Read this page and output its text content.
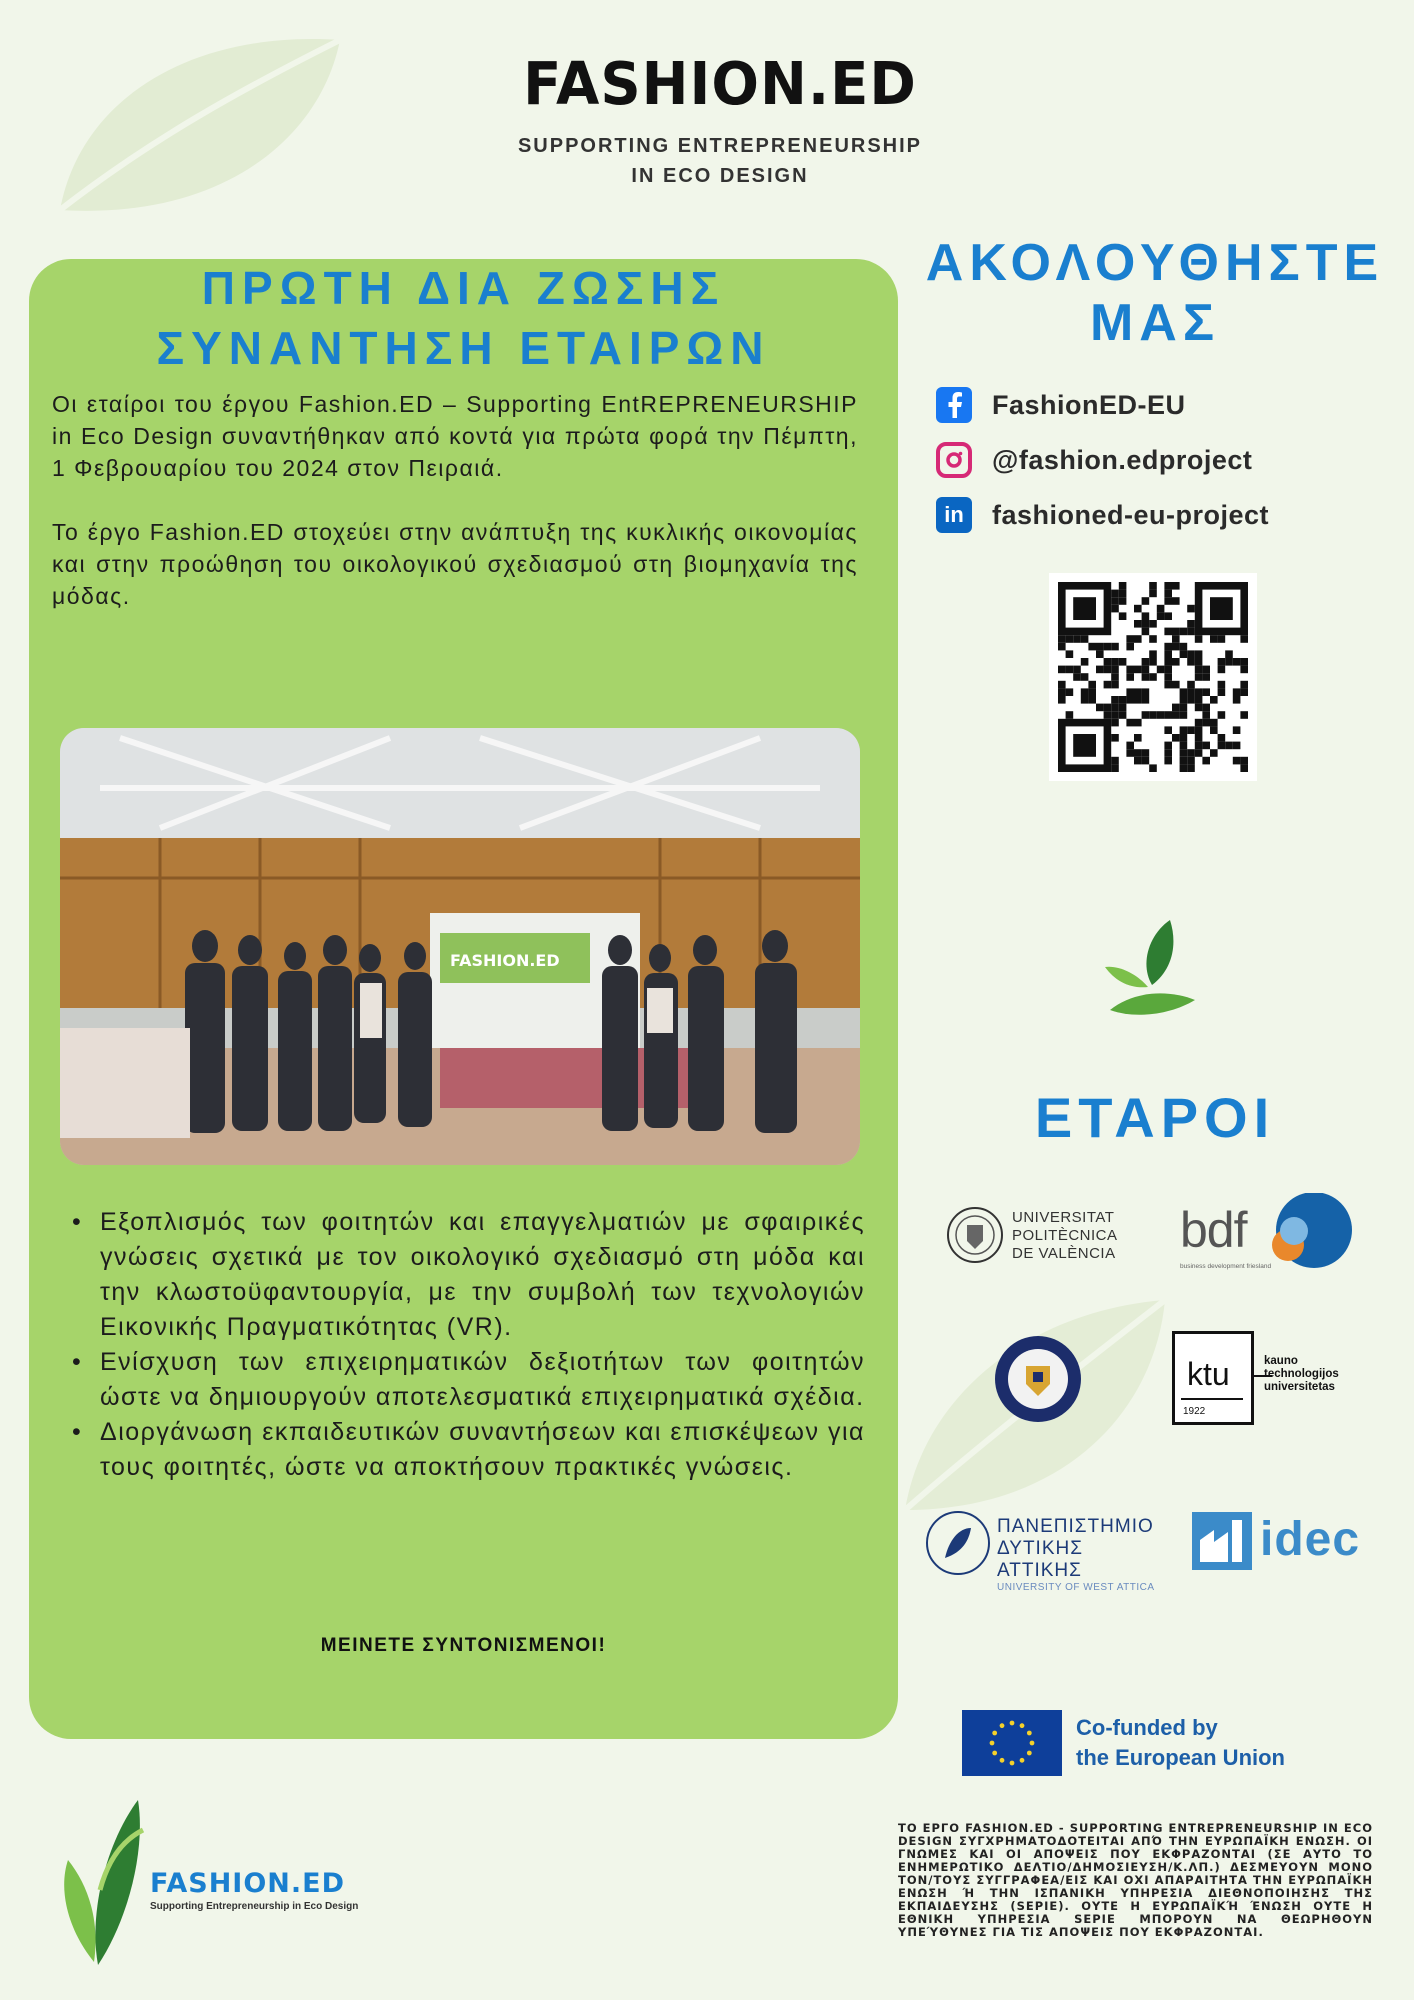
FASHION.ED
SUPPORTING ENTREPRENEURSHIP
IN ECO DESIGN
ΠΡΩΤΗ ΔΙΑ ΖΩΣΗΣ
ΣΥΝΑΝΤΗΣΗ ΕΤΑΙΡΩΝ

Οι εταίροι του έργου Fashion.ED – Supporting EntREPRENEURSHIP in Eco Design συναντήθηκαν από κοντά για πρώτα φορά την Πέμπτη, 1 Φεβρουαρίου του 2024 στον Πειραιά.

Το έργο Fashion.ED στοχεύει στην ανάπτυξη της κυκλικής οικονομίας και στην προώθηση του οικολογικού σχεδιασμού στη βιομηχανία της μόδας.

FASHION.ED
• Εξοπλισμός των φοιτητών και επαγγελματιών με σφαιρικές γνώσεις σχετικά με τον οικολογικό σχεδιασμό στη μόδα και την κλωστοϋφαντουργία, με την συμβολή των τεχνολογιών Εικονικής Πραγματικότητας (VR).
• Ενίσχυση των επιχειρηματικών δεξιοτήτων των φοιτητών ώστε να δημιουργούν αποτελεσματικά επιχειρηματικά σχέδια.
• Διοργάνωση εκπαιδευτικών συναντήσεων και επισκέψεων για τους φοιτητές, ώστε να αποκτήσουν πρακτικές γνώσεις.
ΜΕΙΝΕΤΕ ΣΥΝΤΟΝΙΣΜΕΝΟΙ!
ΑΚΟΛΟΥΘΗΣΤΕ
ΜΑΣ
FashionED-EU
@fashion.edproject
in fashioned-eu-project
ΕΤΑΡΟΙ
UNIVERSITAT
POLITÈCNICA
DE VALÈNCIA bdf
business development friesland
ktu
1922
kauno
technologijos
universitetas
ΠΑΝΕΠΙΣΤΗΜΙΟ
ΔΥΤΙΚΗΣ ΑΤΤΙΚΗΣ
UNIVERSITY OF WEST ATTICA
idec
Co-funded by
the European Union
ΤΟ ΕΡΓΟ FASHION.ED - SUPPORTING ENTREPRENEURSHIP IN ECO DESIGN ΣΥΓΧΡΗΜΑΤΟΔΟΤΕΙΤΑΙ ΑΠΌ ΤΗΝ ΕΥΡΩΠΑΪΚΗ ΕΝΩΣΗ. ΟΙ ΓΝΩΜΕΣ ΚΑΙ ΟΙ ΑΠΟΨΕΙΣ ΠΟΥ ΕΚΦΡΑΖΟΝΤΑΙ (ΣΕ ΑΥΤΟ ΤΟ ΕΝΗΜΕΡΩΤΙΚΟ ΔΕΛΤΙΟ/ΔΗΜΟΣΙΕΥΣΗ/Κ.ΛΠ.) ΔΕΣΜΕΥΟΥΝ ΜΟΝΟ ΤΟΝ/ΤΟΥΣ ΣΥΓΓΡΑΦΕΑ/ΕΙΣ ΚΑΙ ΟΧΙ ΑΠΑΡΑΙΤΗΤΑ ΤΗΝ ΕΥΡΩΠΑΪΚΗ ΕΝΩΣΗ Ή ΤΗΝ ΙΣΠΑΝΙΚΗ ΥΠΗΡΕΣΙΑ ΔΙΕΘΝΟΠΟΙΗΣΗΣ ΤΗΣ ΕΚΠΑΙΔΕΥΣΗΣ (SEPIE). ΟΥΤΕ Η ΕΥΡΩΠΑΪΚΉ ΈΝΩΣΗ ΟΥΤΕ Η ΕΘΝΙΚΗ ΥΠΗΡΕΣΙΑ SEPIE ΜΠΟΡΟΥΝ ΝΑ ΘΕΩΡΗΘΟΥΝ ΥΠΕΎΘΥΝΕΣ ΓΙΑ ΤΙΣ ΑΠΟΨΕΙΣ ΠΟΥ ΕΚΦΡΑΖΟΝΤΑΙ.
FASHION.ED
Supporting Entrepreneurship in Eco Design
